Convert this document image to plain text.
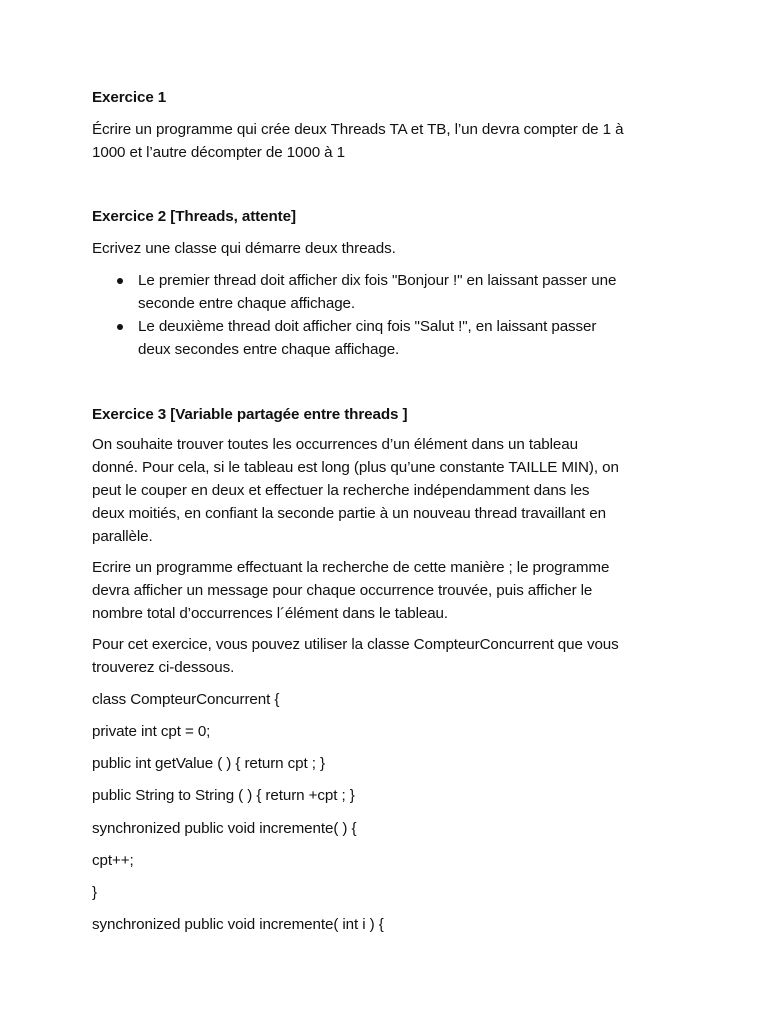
Exercice 1
Écrire un programme qui crée deux Threads TA et TB, l’un devra compter de 1 à
1000 et l’autre décompter de 1000 à 1
Exercice 2 [Threads, attente]
Ecrivez une classe qui démarre deux threads.
Le premier thread doit afficher dix fois "Bonjour !" en laissant passer une
seconde entre chaque affichage.
Le deuxième thread doit afficher cinq fois "Salut !", en laissant passer
deux secondes entre chaque affichage.
Exercice 3 [Variable partagée entre threads ]
On souhaite trouver toutes les occurrences d’un élément dans un tableau
donné. Pour cela, si le tableau est long (plus qu’une constante TAILLE MIN), on
peut le couper en deux et effectuer la recherche indépendamment dans les
deux moitiés, en confiant la seconde partie à un nouveau thread travaillant en
parallèle.
Ecrire un programme effectuant la recherche de cette manière ; le programme
devra afficher un message pour chaque occurrence trouvée, puis afficher le
nombre total d’occurrences l´élément dans le tableau.
Pour cet exercice, vous pouvez utiliser la classe CompteurConcurrent que vous
trouverez ci-dessous.
class CompteurConcurrent {
private int cpt = 0;
public int getValue ( ) { return cpt ; }
public String to String ( ) { return +cpt ; }
synchronized public void incremente( ) {
cpt++;
}
synchronized public void incremente( int i ) {
